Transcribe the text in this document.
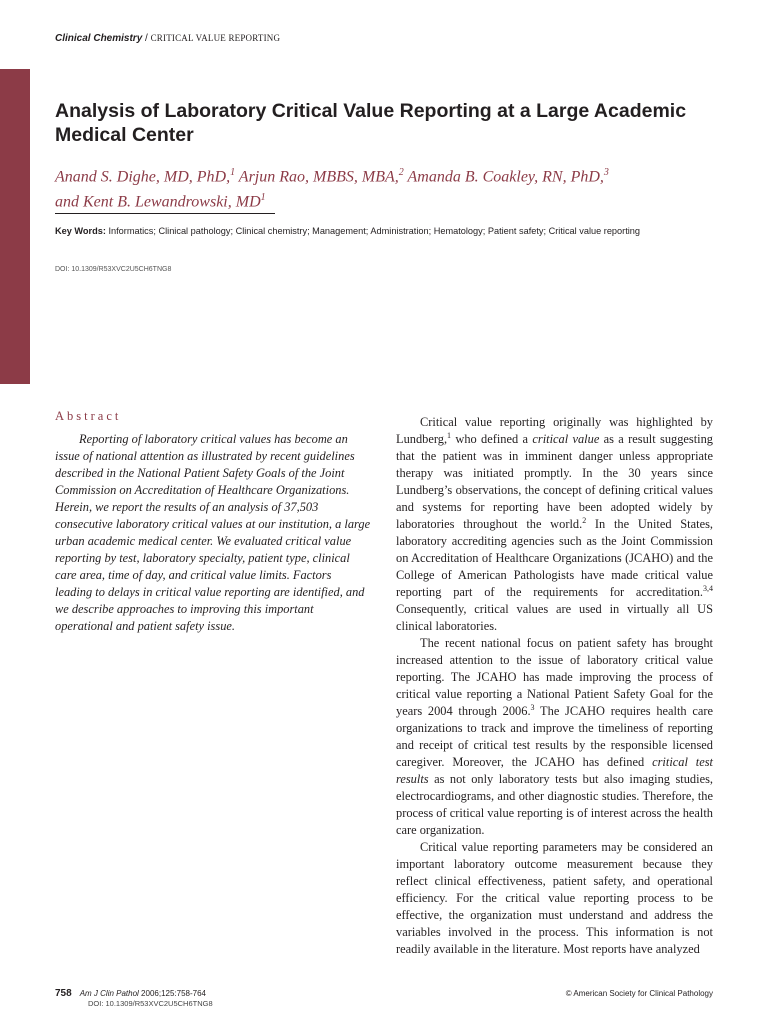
Clinical Chemistry / CRITICAL VALUE REPORTING
Analysis of Laboratory Critical Value Reporting at a Large Academic Medical Center
Anand S. Dighe, MD, PhD,$^1$ Arjun Rao, MBBS, MBA,$^2$ Amanda B. Coakley, RN, PhD,$^3$
and Kent B. Lewandrowski, $MD^1$
Key Words: Informatics; Clinical pathology; Clinical chemistry; Management; Administration; Hematology; Patient safety; Critical value reporting
DOI: 10.1309/R53XVC2U5CH6TNG8
Abstract

Reporting of laboratory critical values has become an issue of national attention as illustrated by recent guidelines described in the National Patient Safety Goals of the Joint Commission on Accreditation of Healthcare Organizations. Herein, we report the results of an analysis of 37,503 consecutive laboratory critical values at our institution, a large urban academic medical center. We evaluated critical value reporting by test, laboratory specialty, patient type, clinical care area, time of day, and critical value limits. Factors leading to delays in critical value reporting are identified, and we describe approaches to improving this important operational and patient safety issue.

Critical value reporting originally was highlighted by Lundberg,$^1$ who defined a critical value as a result suggesting that the patient was in imminent danger unless appropriate therapy was initiated promptly. In the 30 years since Lundberg’s observations, the concept of defining critical values and systems for reporting have been adopted widely by laboratories throughout the world.$^2$ In the United States, laboratory accrediting agencies such as the Joint Commission on Accreditation of Healthcare Organizations (JCAHO) and the College of American Pathologists have made critical value reporting part of the requirements for accreditation.$^{3,4}$ Consequently, critical values are used in virtually all US clinical laboratories.

The recent national focus on patient safety has brought increased attention to the issue of laboratory critical value reporting. The JCAHO has made improving the process of critical value reporting a National Patient Safety Goal for the years 2004 through 2006.$^3$ The JCAHO requires health care organizations to track and improve the timeliness of reporting and receipt of critical test results by the responsible licensed caregiver. Moreover, the JCAHO has defined critical test results as not only laboratory tests but also imaging studies, electrocardiograms, and other diagnostic studies. Therefore, the process of critical value reporting is of interest across the health care organization.

Critical value reporting parameters may be considered an important laboratory outcome measurement because they reflect clinical effectiveness, patient safety, and operational efficiency. For the critical value reporting process to be effective, the organization must understand and address the variables involved in the process. This information is not readily available in the literature. Most reports have analyzed

758 Am J Clin Pathol 2006;125:758-764
DOI: 10.1309/R53XVC2U5CH6TNG8
© American Society for Clinical Pathology
